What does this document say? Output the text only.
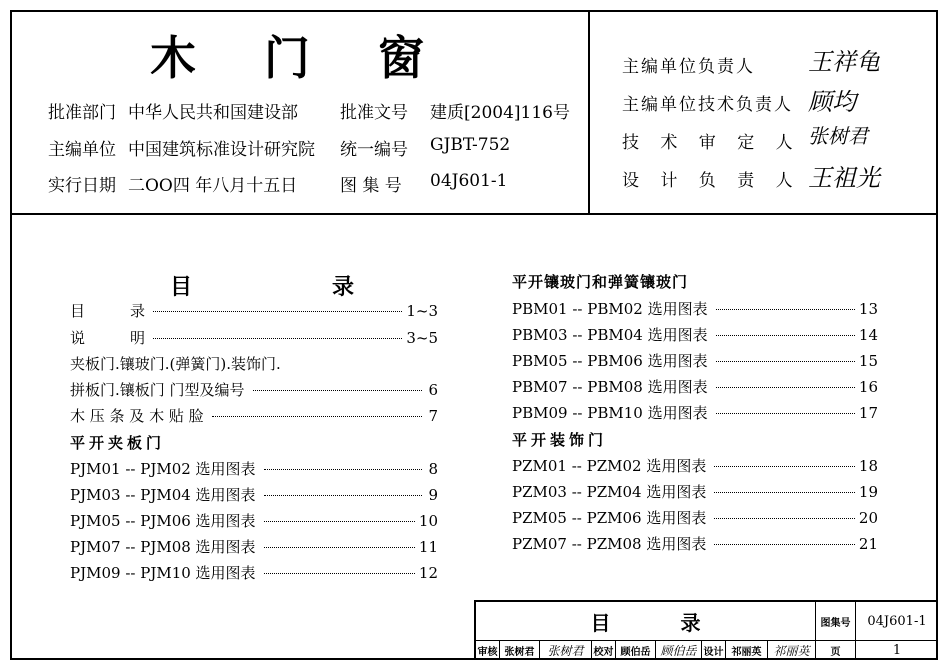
木 门 窗
批准部门 中华人民共和国建设部 批准文号 建质[2004]116号
主编单位 中国建筑标准设计研究院 统一编号 GJBT-752
实行日期 二OO四 年八月十五日	图 集 号 04J601-1
主编单位负责人 王祥龟
主编单位技术负责人 顾均
技 术 审 定 人 张树君
设 计 负 责 人 王祖光
目	录
目　　　录	1~3
说　　　明	3~5
夹板门.镶玻门.(弹簧门).装饰门.
拼板门.镶板门 门型及编号	6
木 压 条 及 木 贴 脸	7
平开夹板门
PJM01 -- PJM02 选用图表	8
PJM03 -- PJM04 选用图表	9
PJM05 -- PJM06 选用图表	10
PJM07 -- PJM08 选用图表	11
PJM09 -- PJM10 选用图表	12
平开镶玻门和弹簧镶玻门
PBM01 -- PBM02 选用图表	13
PBM03 -- PBM04 选用图表	14
PBM05 -- PBM06 选用图表	15
PBM07 -- PBM08 选用图表	16
PBM09 -- PBM10 选用图表	17
平开装饰门
PZM01 -- PZM02 选用图表	18
PZM03 -- PZM04 选用图表	19
PZM05 -- PZM06 选用图表	20
PZM07 -- PZM08 选用图表	21
目	录	图集号	04J601-1
审核 张树君	张树君	校对 顾伯岳 顾伯岳 设计 祁丽英 祁丽英	页	1
